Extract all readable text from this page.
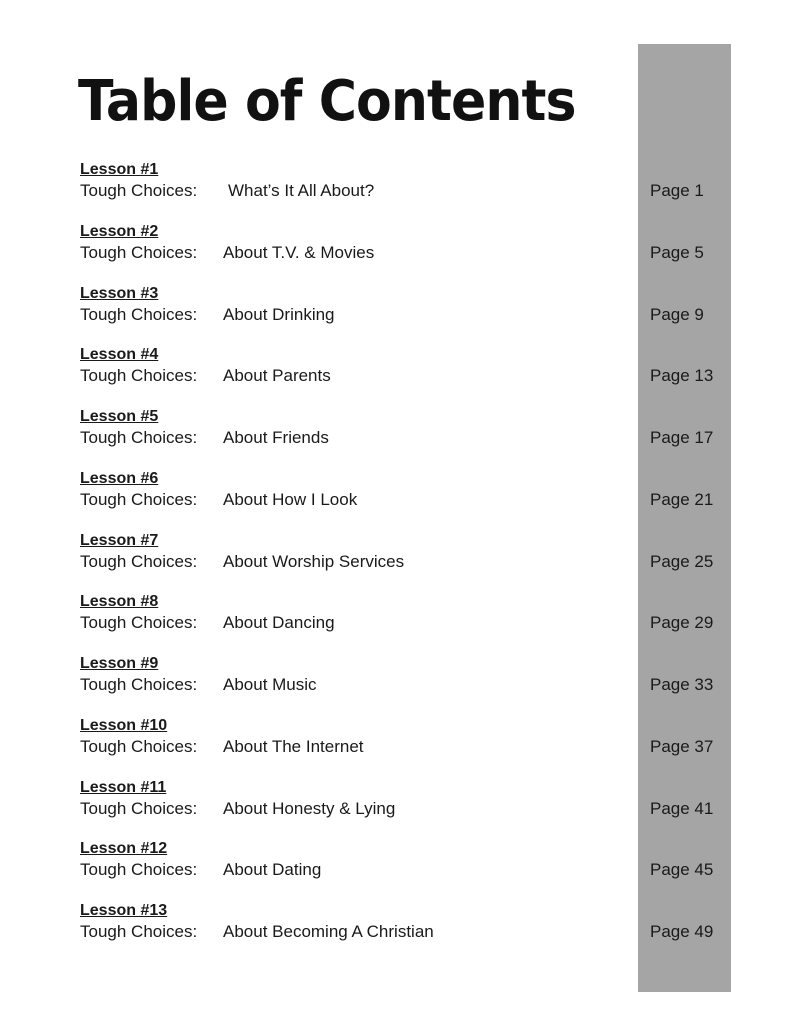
Table of Contents
Lesson #1
Tough Choices: What’s It All About?	Page 1
Lesson #2
Tough Choices: About T.V. & Movies	Page 5
Lesson #3
Tough Choices: About Drinking	Page 9
Lesson #4
Tough Choices: About Parents	Page 13
Lesson #5
Tough Choices: About Friends	Page 17
Lesson #6
Tough Choices: About How I Look	Page 21
Lesson #7
Tough Choices: About Worship Services	Page 25
Lesson #8
Tough Choices: About Dancing	Page 29
Lesson #9
Tough Choices: About Music	Page 33
Lesson #10
Tough Choices: About The Internet	Page 37
Lesson #11
Tough Choices: About Honesty & Lying	Page 41
Lesson #12
Tough Choices: About Dating	Page 45
Lesson #13
Tough Choices: About Becoming A Christian	Page 49
